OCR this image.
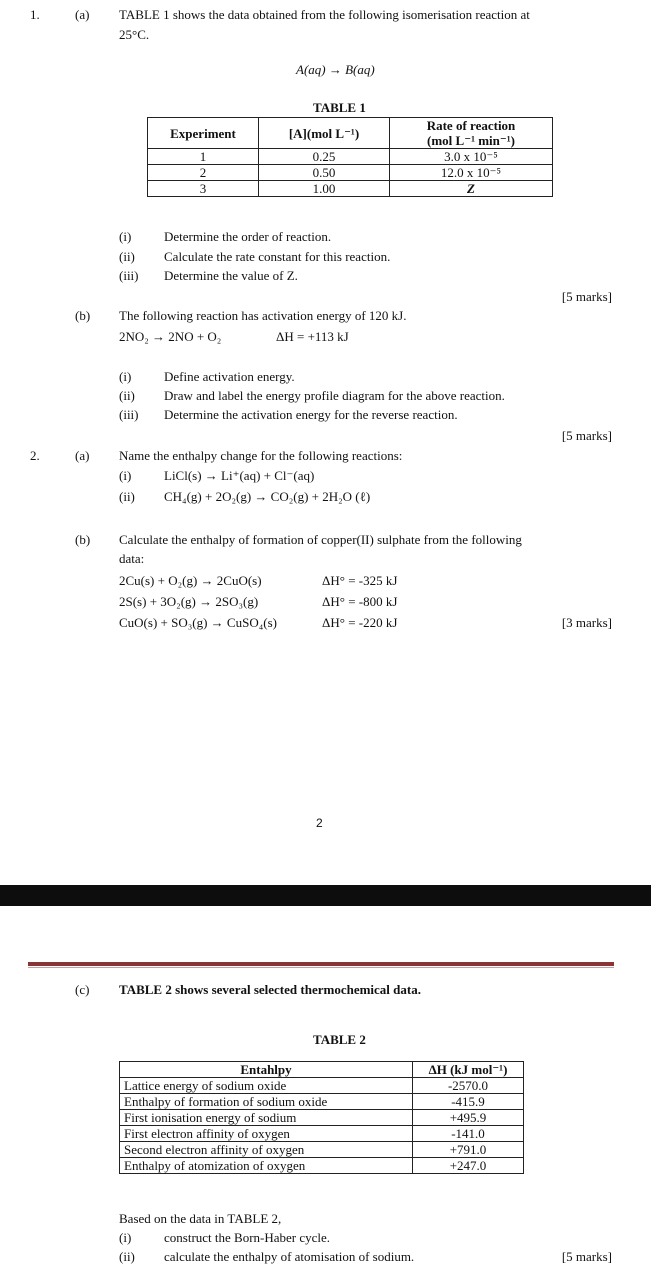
1.	(a) TABLE 1 shows the data obtained from the following isomerisation reaction at
25°C.
A(aq) → B(aq)
TABLE 1
Experiment	[A](mol L⁻¹)	Rate of reaction
(mol L⁻¹ min⁻¹)

1	0.25	3.0 x 10⁻⁵
2	0.50	12.0 x 10⁻⁵
3	1.00	Z
(i)	Determine the order of reaction.
(ii) Calculate the rate constant for this reaction.
(iii) Determine the value of Z.
[5 marks]
(b) The following reaction has activation energy of 120 kJ.
2NO₂ → 2NO + O₂	ΔH = +113 kJ
(i)	Define activation energy.
(ii) Draw and label the energy profile diagram for the above reaction.
(iii) Determine the activation energy for the reverse reaction.
[5 marks]
2.	(a) Name the enthalpy change for the following reactions:
(i)	LiCl(s) → Li⁺(aq) + Cl⁻(aq)
(ii) CH₄(g) + 2O₂(g) → CO₂(g) + 2H₂O (ℓ)
(b) Calculate the enthalpy of formation of copper(II) sulphate from the following
data:
2Cu(s) + O₂(g) → 2CuO(s)	ΔH° = -325 kJ
2S(s) + 3O₂(g) → 2SO₃(g)	ΔH° = -800 kJ
CuO(s) + SO₃(g) → CuSO₄(s)	ΔH° = -220 kJ	[3 marks]
2
(c) TABLE 2 shows several selected thermochemical data.
TABLE 2
Entahlpy	ΔH (kJ mol⁻¹)
Lattice energy of sodium oxide	-2570.0
Enthalpy of formation of sodium oxide	-415.9
First ionisation energy of sodium	+495.9
First electron affinity of oxygen	-141.0
Second electron affinity of oxygen	+791.0
Enthalpy of atomization of oxygen	+247.0
Based on the data in TABLE 2,
(i)	construct the Born-Haber cycle.
(ii) calculate the enthalpy of atomisation of sodium.	[5 marks]
